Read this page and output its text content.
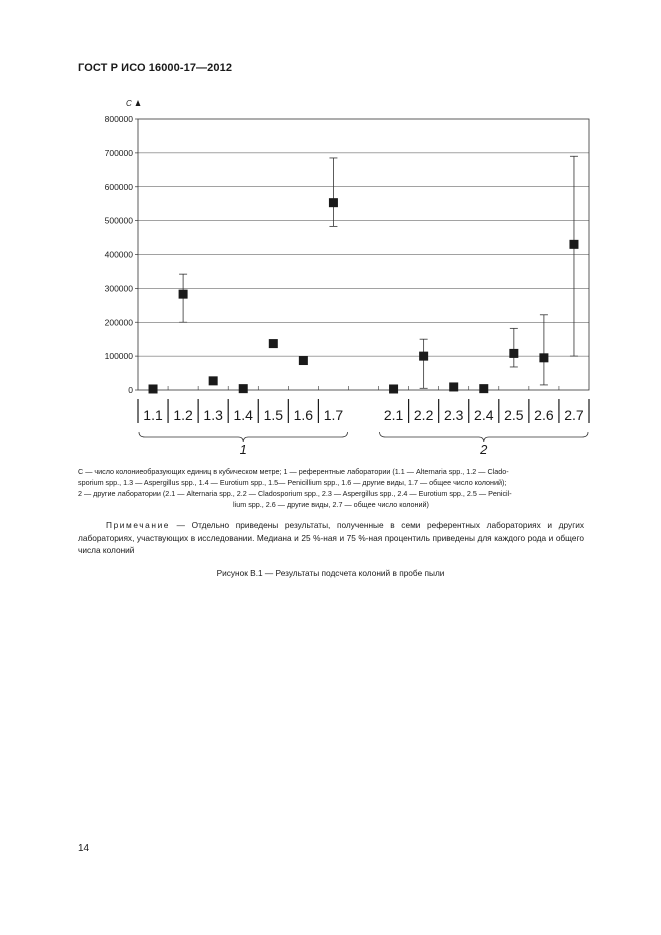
ГОСТ Р ИСО 16000-17—2012
0
100000
200000
300000
400000
500000
600000
700000
800000
C
1.1 1.2 1.3 1.4 1.5 1.6 1.7	2.1 2.2 2.3 2.4 2.5 2.6 2.7
1	2

C — число колониеобразующих единиц в кубическом метре; 1 — референтные лаборатории (1.1 — Alternaria spp., 1.2 — Clado-

sporium spp., 1.3 — Aspergillus spp., 1.4 — Eurotium spp., 1.5— Penicillium spp., 1.6 — другие виды, 1.7 — общее число колоний);

2 — другие лаборатории (2.1 — Alternaria spp., 2.2 — Cladosporium spp., 2.3 — Aspergillus spp., 2.4 — Eurotium spp., 2.5 — Penicil-

lium spp., 2.6 — другие виды, 2.7 — общее число колоний)

Примечание — Отдельно приведены результаты, полученные в семи референтных лабораториях и других лабораториях, участвующих в исследовании. Медиана и 25 %-ная и 75 %-ная процентиль приведены для каждого рода и общего числа колоний
Рисунок B.1 — Результаты подсчета колоний в пробе пыли
14
